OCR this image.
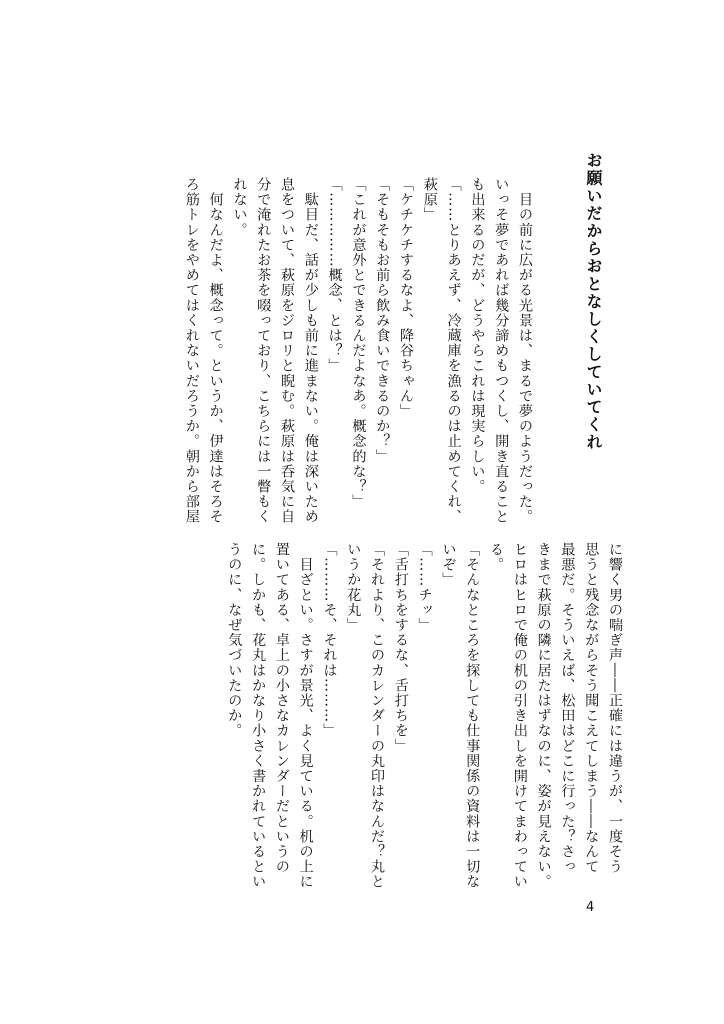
お願いだからおとなしくしていてくれ
　目の前に広がる光景は、まるで夢のようだった。
いっそ夢であれば幾分諦めもつくし、開き直ること
も出来るのだが、どうやらこれは現実らしい。
「……とりあえず、冷蔵庫を漁るのは止めてくれ、
萩原」
「ケチケチするなよ、降谷ちゃん」
「そもそもお前ら飲み食いできるのか？」
「これが意外とできるんだよなあ。概念的な？」
「……………概念、とは？」
　駄目だ、話が少しも前に進まない。俺は深いため
息をついて、萩原をジロリと睨む。萩原は呑気に自
分で淹れたお茶を啜っており、こちらには一瞥もく
れない。
　何なんだよ、概念って。というか、伊達はそろそ
ろ筋トレをやめてはくれないだろうか。朝から部屋
に響く男の喘ぎ声――正確には違うが、一度そう
思うと残念ながらそう聞こえてしまう――なんて
最悪だ。そういえば、松田はどこに行った？さっ
きまで萩原の隣に居たはずなのに、姿が見えない。
ヒロはヒロで俺の机の引き出しを開けてまわってい
る。
「そんなところを探しても仕事関係の資料は一切な
いぞ」
「……チッ」
「舌打ちをするな、舌打ちを」
「それより、このカレンダーの丸印はなんだ？丸と
いうか花丸」
「………そ、それは………」
　目ざとい。さすが景光、よく見ている。机の上に
置いてある、卓上の小さなカレンダーだというの
に。しかも、花丸はかなり小さく書かれているとい
うのに、なぜ気づいたのか。
4
